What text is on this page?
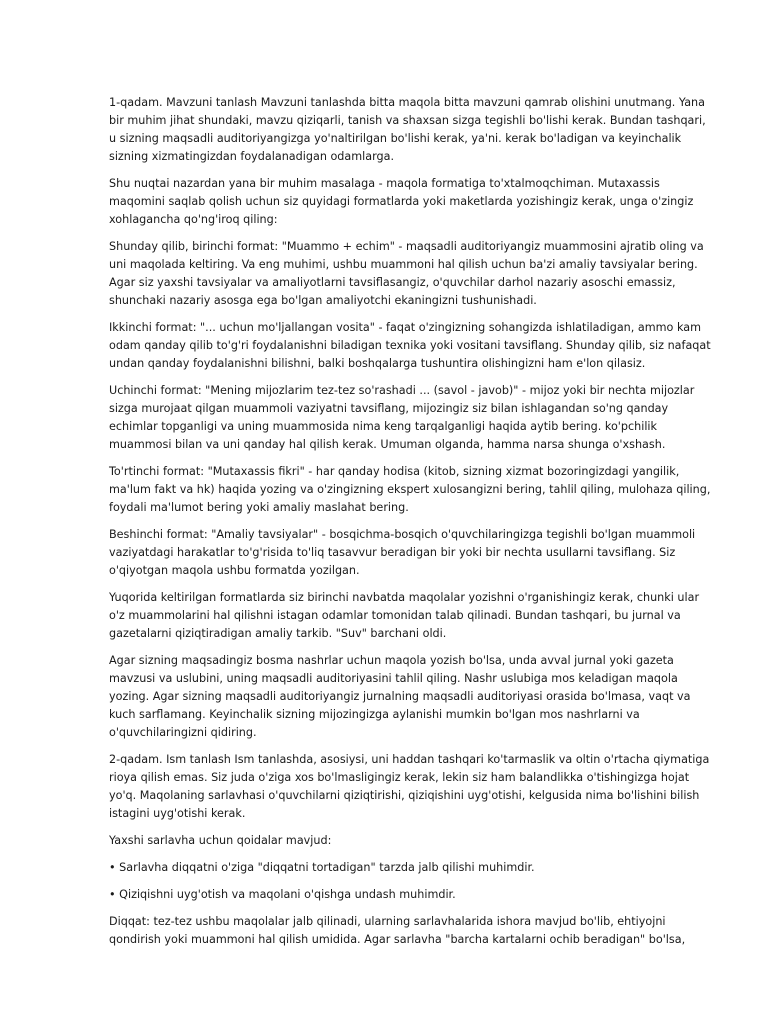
1-qadam. Mavzuni tanlash Mavzuni tanlashda bitta maqola bitta mavzuni qamrab olishini unutmang. Yana bir muhim jihat shundaki, mavzu qiziqarli, tanish va shaxsan sizga tegishli bo'lishi kerak. Bundan tashqari, u sizning maqsadli auditoriyangizga yo'naltirilgan bo'lishi kerak, ya'ni. kerak bo'ladigan va keyinchalik sizning xizmatingizdan foydalanadigan odamlarga.

Shu nuqtai nazardan yana bir muhim masalaga - maqola formatiga to'xtalmoqchiman. Mutaxassis maqomini saqlab qolish uchun siz quyidagi formatlarda yoki maketlarda yozishingiz kerak, unga o'zingiz xohlagancha qo'ng'iroq qiling:

Shunday qilib, birinchi format: "Muammo + echim" - maqsadli auditoriyangiz muammosini ajratib oling va uni maqolada keltiring. Va eng muhimi, ushbu muammoni hal qilish uchun ba'zi amaliy tavsiyalar bering. Agar siz yaxshi tavsiyalar va amaliyotlarni tavsiflasangiz, o'quvchilar darhol nazariy asoschi emassiz, shunchaki nazariy asosga ega bo'lgan amaliyotchi ekaningizni tushunishadi.

Ikkinchi format: "... uchun mo'ljallangan vosita" - faqat o'zingizning sohangizda ishlatiladigan, ammo kam odam qanday qilib to'g'ri foydalanishni biladigan texnika yoki vositani tavsiflang. Shunday qilib, siz nafaqat undan qanday foydalanishni bilishni, balki boshqalarga tushuntira olishingizni ham e'lon qilasiz.

Uchinchi format: "Mening mijozlarim tez-tez so'rashadi ... (savol - javob)" - mijoz yoki bir nechta mijozlar sizga murojaat qilgan muammoli vaziyatni tavsiflang, mijozingiz siz bilan ishlagandan so'ng qanday echimlar topganligi va uning muammosida nima keng tarqalganligi haqida aytib bering. ko'pchilik muammosi bilan va uni qanday hal qilish kerak. Umuman olganda, hamma narsa shunga o'xshash.

To'rtinchi format: "Mutaxassis fikri" - har qanday hodisa (kitob, sizning xizmat bozoringizdagi yangilik, ma'lum fakt va hk) haqida yozing va o'zingizning ekspert xulosangizni bering, tahlil qiling, mulohaza qiling, foydali ma'lumot bering yoki amaliy maslahat bering.

Beshinchi format: "Amaliy tavsiyalar" - bosqichma-bosqich o'quvchilaringizga tegishli bo'lgan muammoli vaziyatdagi harakatlar to'g'risida to'liq tasavvur beradigan bir yoki bir nechta usullarni tavsiflang. Siz o'qiyotgan maqola ushbu formatda yozilgan.

Yuqorida keltirilgan formatlarda siz birinchi navbatda maqolalar yozishni o'rganishingiz kerak, chunki ular o'z muammolarini hal qilishni istagan odamlar tomonidan talab qilinadi. Bundan tashqari, bu jurnal va gazetalarni qiziqtiradigan amaliy tarkib. "Suv" barchani oldi.

Agar sizning maqsadingiz bosma nashrlar uchun maqola yozish bo'lsa, unda avval jurnal yoki gazeta mavzusi va uslubini, uning maqsadli auditoriyasini tahlil qiling. Nashr uslubiga mos keladigan maqola yozing. Agar sizning maqsadli auditoriyangiz jurnalning maqsadli auditoriyasi orasida bo'lmasa, vaqt va kuch sarflamang. Keyinchalik sizning mijozingizga aylanishi mumkin bo'lgan mos nashrlarni va o'quvchilaringizni qidiring.

2-qadam. Ism tanlash Ism tanlashda, asosiysi, uni haddan tashqari ko'tarmaslik va oltin o'rtacha qiymatiga rioya qilish emas. Siz juda o'ziga xos bo'lmasligingiz kerak, lekin siz ham balandlikka o'tishingizga hojat yo'q. Maqolaning sarlavhasi o'quvchilarni qiziqtirishi, qiziqishini uyg'otishi, kelgusida nima bo'lishini bilish istagini uyg'otishi kerak.

Yaxshi sarlavha uchun qoidalar mavjud:

• Sarlavha diqqatni o'ziga "diqqatni tortadigan" tarzda jalb qilishi muhimdir.

• Qiziqishni uyg'otish va maqolani o'qishga undash muhimdir.

Diqqat: tez-tez ushbu maqolalar jalb qilinadi, ularning sarlavhalarida ishora mavjud bo'lib, ehtiyojni qondirish yoki muammoni hal qilish umidida. Agar sarlavha "barcha kartalarni ochib beradigan" bo'lsa,
